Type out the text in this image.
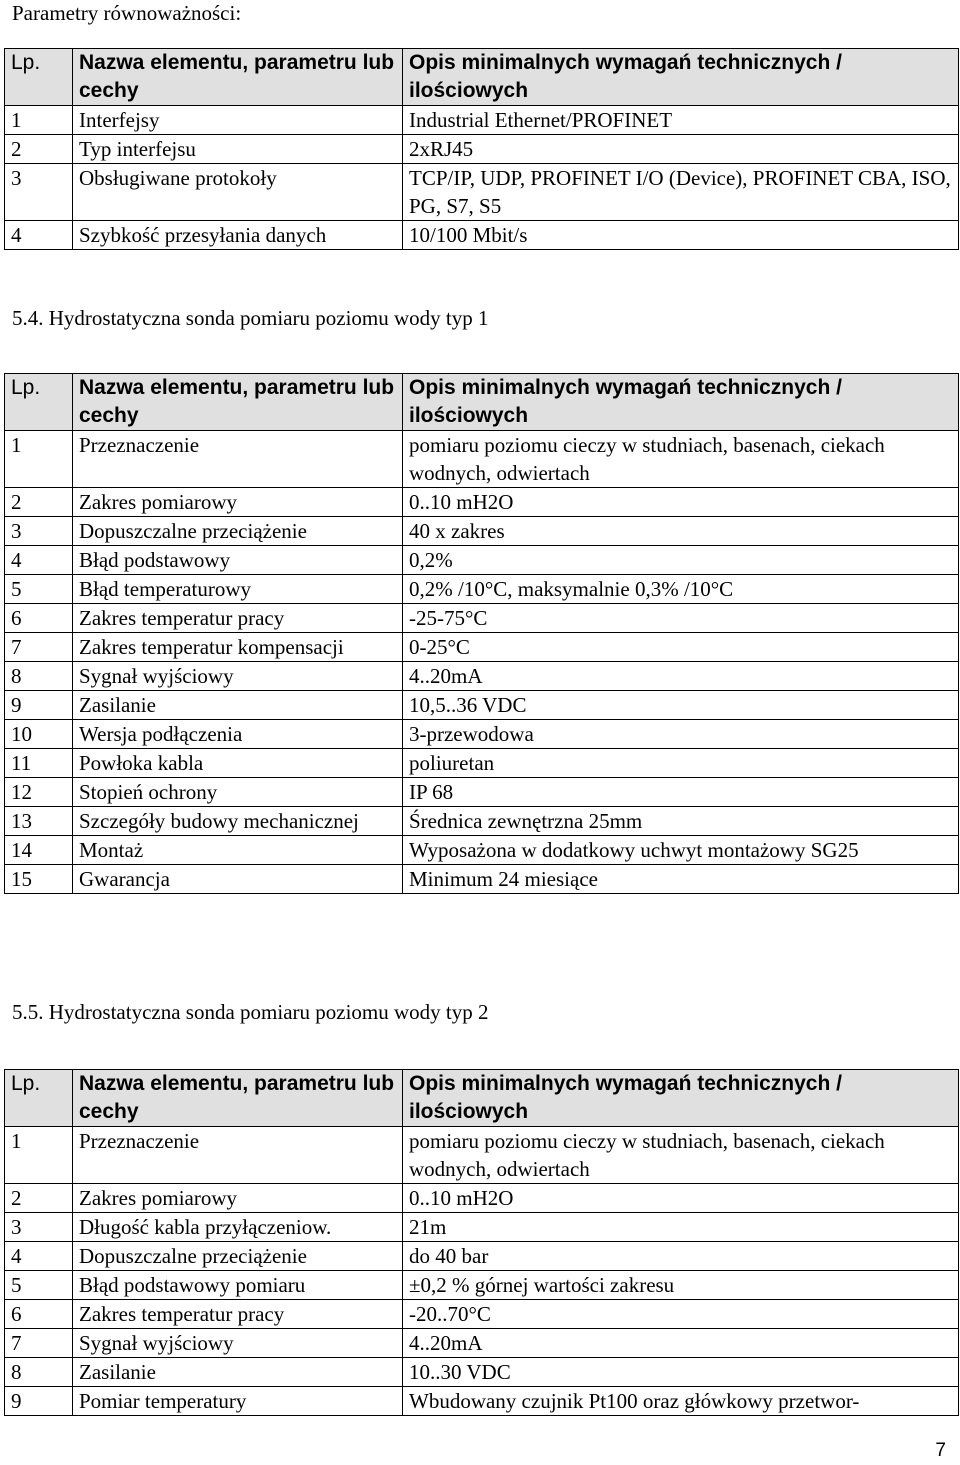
Parametry równoważności:
Lp.	Nazwa elementu, parametru lub cechy	Opis minimalnych wymagań technicznych / ilościowych
1	Interfejsy	Industrial Ethernet/PROFINET
2	Typ interfejsu	2xRJ45
3	Obsługiwane protokoły	TCP/IP, UDP, PROFINET I/O (Device), PROFINET CBA, ISO, PG, S7, S5
4	Szybkość przesyłania danych	10/100 Mbit/s
5.4. Hydrostatyczna sonda pomiaru poziomu wody typ 1
Lp.	Nazwa elementu, parametru lub cechy	Opis minimalnych wymagań technicznych / ilościowych
1	Przeznaczenie	pomiaru poziomu cieczy w studniach, basenach, ciekach wodnych, odwiertach
2	Zakres pomiarowy	0..10 mH2O
3	Dopuszczalne przeciążenie	40 x zakres
4	Błąd podstawowy	0,2%
5	Błąd temperaturowy	0,2% /10°C, maksymalnie 0,3% /10°C
6	Zakres temperatur pracy	-25-75°C
7	Zakres temperatur kompensacji	0-25°C
8	Sygnał wyjściowy	4..20mA
9	Zasilanie	10,5..36 VDC
10	Wersja podłączenia	3-przewodowa
11	Powłoka kabla	poliuretan
12	Stopień ochrony	IP 68
13	Szczegóły budowy mechanicznej	Średnica zewnętrzna 25mm
14	Montaż	Wyposażona w dodatkowy uchwyt montażowy SG25
15	Gwarancja	Minimum 24 miesiące
5.5. Hydrostatyczna sonda pomiaru poziomu wody typ 2
Lp.	Nazwa elementu, parametru lub cechy	Opis minimalnych wymagań technicznych / ilościowych
1	Przeznaczenie	pomiaru poziomu cieczy w studniach, basenach, ciekach wodnych, odwiertach
2	Zakres pomiarowy	0..10 mH2O
3	Długość kabla przyłączeniow.	21m
4	Dopuszczalne przeciążenie	do 40 bar
5	Błąd podstawowy pomiaru	±0,2 % górnej wartości zakresu
6	Zakres temperatur pracy	-20..70°C
7	Sygnał wyjściowy	4..20mA
8	Zasilanie	10..30 VDC
9	Pomiar temperatury	Wbudowany czujnik Pt100 oraz główkowy przetwor-
7
